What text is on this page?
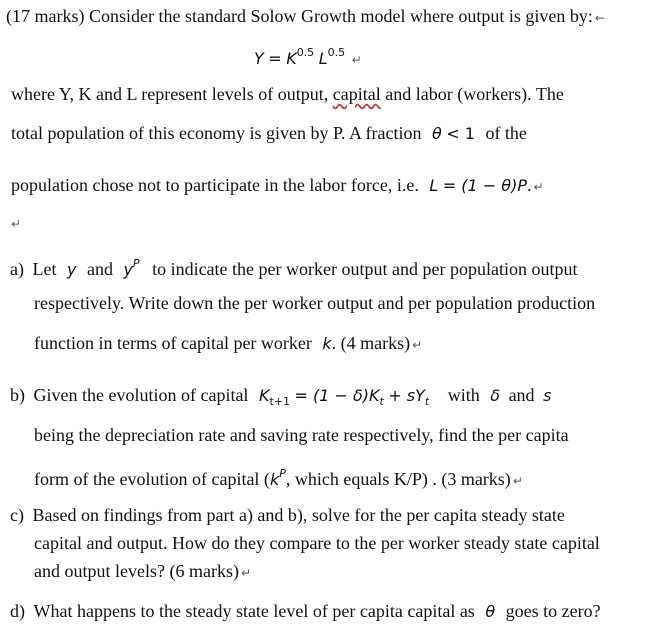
(17 marks) Consider the standard Solow Growth model where output is given by: ←
$Y = K^{0.5}$ $L^{0.5}$ ↵
where Y, K and L represent levels of output, capital and labor (workers). The
total population of this economy is given by P. A fraction θ < 1 of the
population chose not to participate in the labor force, i.e. L = (1 − θ)P. ↵
↵
a) Let y and $y^P$ to indicate the per worker output and per population output
respectively. Write down the per worker output and per population production
function in terms of capital per worker k. (4 marks) ↵
b) Given the evolution of capital $K_{t+1} = (1 - \delta)K_t + sY_t$ with δ and s
being the depreciation rate and saving rate respectively, find the per capita
form of the evolution of capital ($k^P$, which equals K/P) . (3 marks) ↵
c) Based on findings from part a) and b), solve for the per capita steady state
capital and output. How do they compare to the per worker steady state capital
and output levels? (6 marks) ↵
d) What happens to the steady state level of per capita capital as θ goes to zero?
